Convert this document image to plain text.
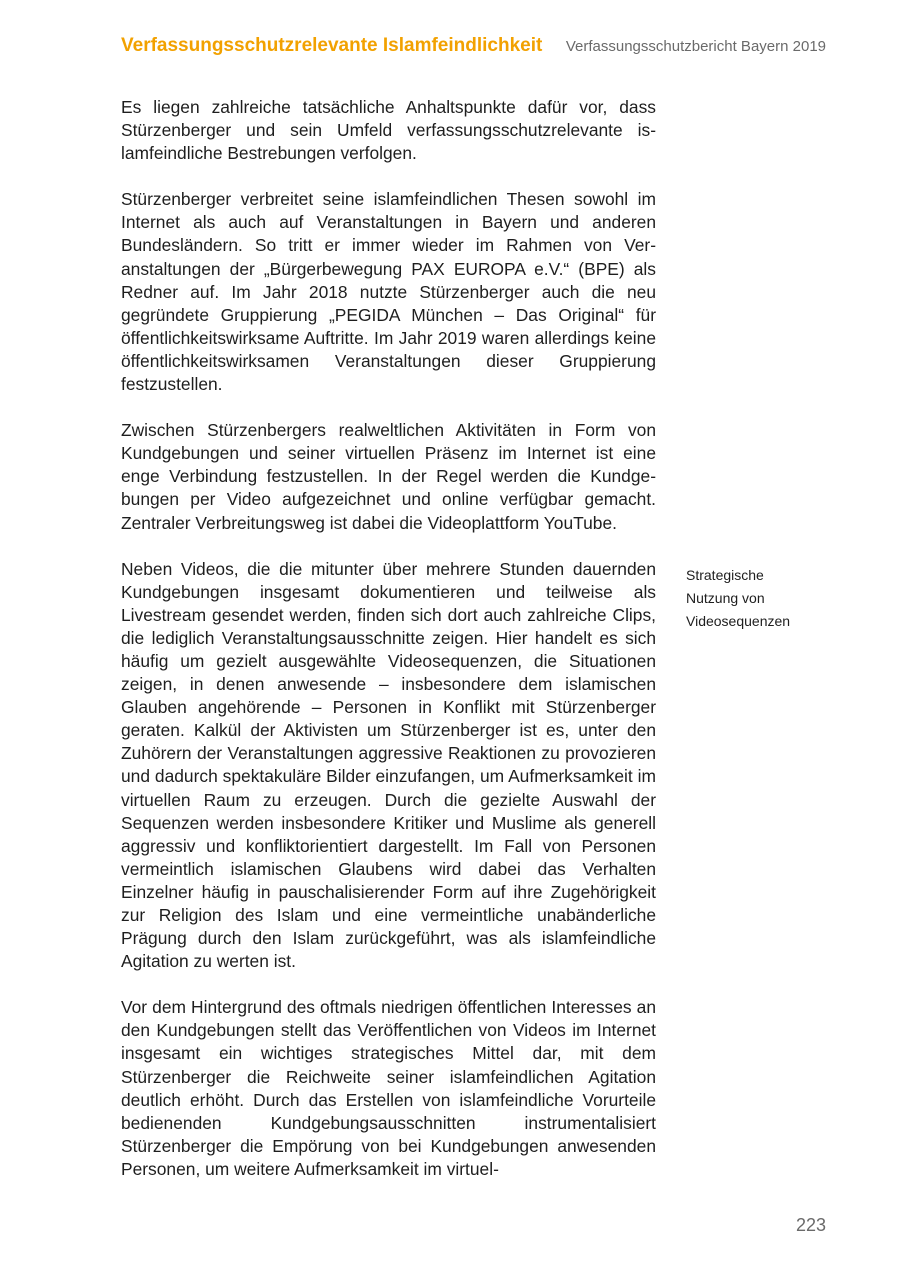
Verfassungsschutzrelevante Islamfeindlichkeit Verfassungsschutzbericht Bayern 2019

Es liegen zahlreiche tatsächliche Anhaltspunkte dafür vor, dass Stürzenberger und sein Umfeld verfassungsschutzrelevante islamfeindliche Bestrebungen verfolgen.

Stürzenberger verbreitet seine islamfeindlichen Thesen sowohl im Internet als auch auf Veranstaltungen in Bayern und anderen Bundesländern. So tritt er immer wieder im Rahmen von Veranstaltungen der „Bürgerbewegung PAX EUROPA e.V.“ (BPE) als Redner auf. Im Jahr 2018 nutzte Stürzenberger auch die neu gegründete Gruppierung „PEGIDA München – Das Original“ für öffentlichkeitswirksame Auftritte. Im Jahr 2019 waren allerdings keine öffentlichkeitswirksamen Veranstaltungen dieser Gruppierung festzustellen.

Zwischen Stürzenbergers realweltlichen Aktivitäten in Form von Kundgebungen und seiner virtuellen Präsenz im Internet ist eine enge Verbindung festzustellen. In der Regel werden die Kundgebungen per Video aufgezeichnet und online verfügbar gemacht. Zentraler Verbreitungsweg ist dabei die Videoplattform YouTube.

Neben Videos, die die mitunter über mehrere Stunden dauernden Kundgebungen insgesamt dokumentieren und teilweise als Livestream gesendet werden, finden sich dort auch zahlreiche Clips, die lediglich Veranstaltungsausschnitte zeigen. Hier handelt es sich häufig um gezielt ausgewählte Videosequenzen, die Situationen zeigen, in denen anwesende – insbesondere dem islamischen Glauben angehörende – Personen in Konflikt mit Stürzenberger geraten. Kalkül der Aktivisten um Stürzenberger ist es, unter den Zuhörern der Veranstaltungen aggressive Reaktionen zu provozieren und dadurch spektakuläre Bilder einzufangen, um Aufmerksamkeit im virtuellen Raum zu erzeugen. Durch die gezielte Auswahl der Sequenzen werden insbesondere Kritiker und Muslime als generell aggressiv und konfliktorientiert dargestellt. Im Fall von Personen vermeintlich islamischen Glaubens wird dabei das Verhalten Einzelner häufig in pauschalisierender Form auf ihre Zugehörigkeit zur Religion des Islam und eine vermeintliche unabänderliche Prägung durch den Islam zurückgeführt, was als islamfeindliche Agitation zu werten ist.

Vor dem Hintergrund des oftmals niedrigen öffentlichen Interesses an den Kundgebungen stellt das Veröffentlichen von Videos im Internet insgesamt ein wichtiges strategisches Mittel dar, mit dem Stürzenberger die Reichweite seiner islamfeindlichen Agitation deutlich erhöht. Durch das Erstellen von islamfeindliche Vorurteile bedienenden Kundgebungsausschnitten instrumentalisiert Stürzenberger die Empörung von bei Kundgebungen anwesenden Personen, um weitere Aufmerksamkeit im virtuel-

Strategische
Nutzung von
Videosequenzen
223
